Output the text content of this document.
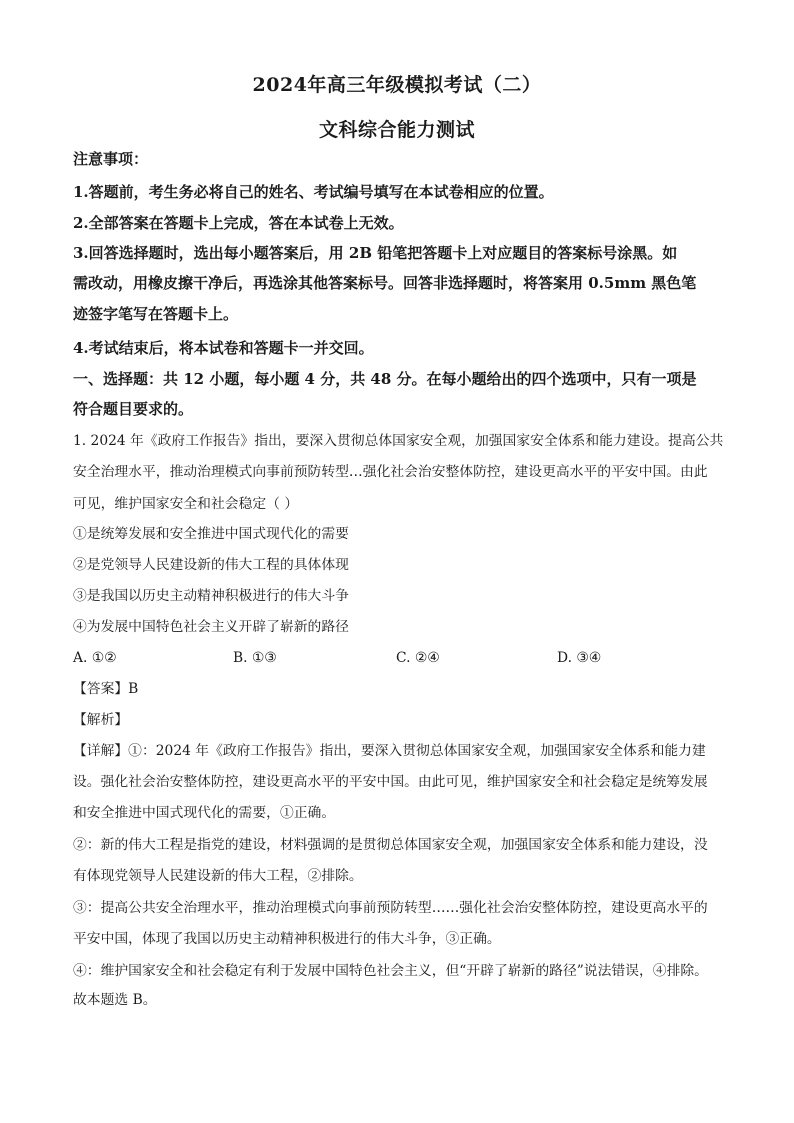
2024年高三年级模拟考试（二）
文科综合能力测试
注意事项：
1.答题前，考生务必将自己的姓名、考试编号填写在本试卷相应的位置。
2.全部答案在答题卡上完成，答在本试卷上无效。
3.回答选择题时，选出每小题答案后，用 2B 铅笔把答题卡上对应题目的答案标号涂黑。如
需改动，用橡皮擦干净后，再选涂其他答案标号。回答非选择题时，将答案用 0.5mm 黑色笔
迹签字笔写在答题卡上。
4.考试结束后，将本试卷和答题卡一并交回。
一、选择题：共 12 小题，每小题 4 分，共 48 分。在每小题给出的四个选项中，只有一项是
符合题目要求的。
1. 2024 年《政府工作报告》指出，要深入贯彻总体国家安全观，加强国家安全体系和能力建设。提高公共
安全治理水平，推动治理模式向事前预防转型…强化社会治安整体防控，建设更高水平的平安中国。由此
可见，维护国家安全和社会稳定（ ）
①是统筹发展和安全推进中国式现代化的需要
②是党领导人民建设新的伟大工程的具体体现
③是我国以历史主动精神积极进行的伟大斗争
④为发展中国特色社会主义开辟了崭新的路径
A. ①②	B. ①③	C. ②④	D. ③④
【答案】B
【解析】
【详解】①：2024 年《政府工作报告》指出，要深入贯彻总体国家安全观，加强国家安全体系和能力建
设。强化社会治安整体防控，建设更高水平的平安中国。由此可见，维护国家安全和社会稳定是统筹发展
和安全推进中国式现代化的需要，①正确。
②：新的伟大工程是指党的建设，材料强调的是贯彻总体国家安全观，加强国家安全体系和能力建设，没
有体现党领导人民建设新的伟大工程，②排除。
③：提高公共安全治理水平，推动治理模式向事前预防转型……强化社会治安整体防控，建设更高水平的
平安中国，体现了我国以历史主动精神积极进行的伟大斗争，③正确。
④：维护国家安全和社会稳定有利于发展中国特色社会主义，但“开辟了崭新的路径”说法错误，④排除。
故本题选 B。
